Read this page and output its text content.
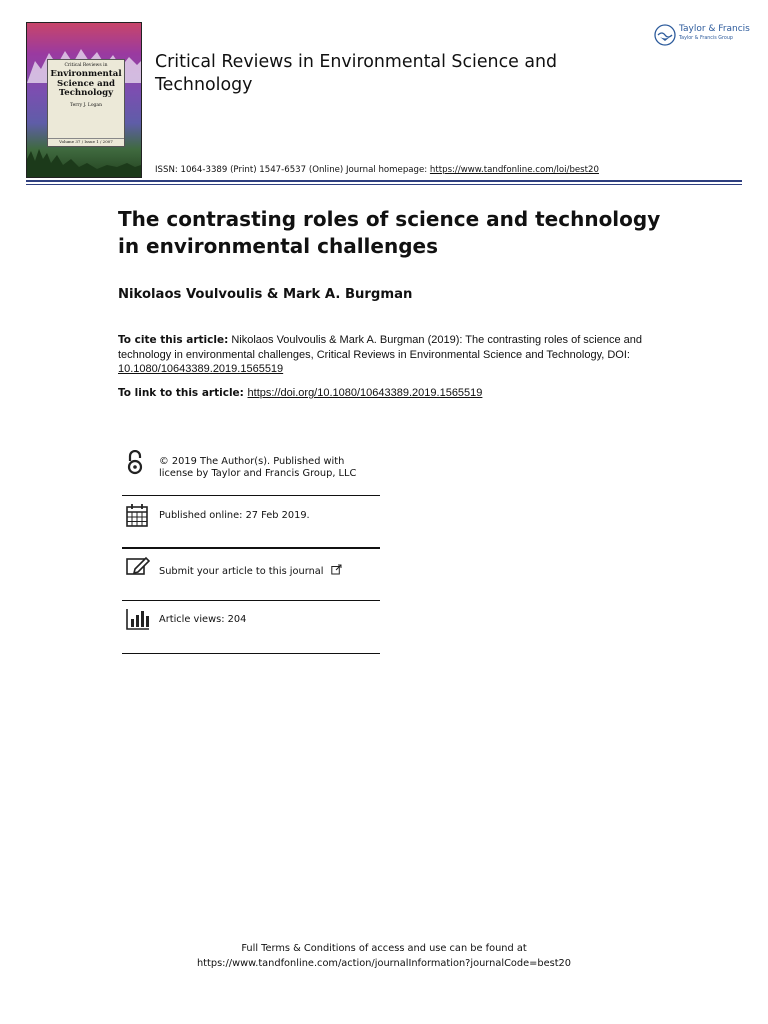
Critical Reviews in
Environmental
Science and
Technology
Terry J. Logan
Volume 37 / Issue 1 / 2007
Critical Reviews in Environmental Science and Technology
Taylor & Francis
Taylor & Francis Group
ISSN: 1064-3389 (Print) 1547-6537 (Online) Journal homepage: https://www.tandfonline.com/loi/best20
The contrasting roles of science and technology in environmental challenges
Nikolaos Voulvoulis & Mark A. Burgman
To cite this article: Nikolaos Voulvoulis & Mark A. Burgman (2019): The contrasting roles of science and technology in environmental challenges, Critical Reviews in Environmental Science and Technology, DOI: 10.1080/10643389.2019.1565519
To link to this article: https://doi.org/10.1080/10643389.2019.1565519
© 2019 The Author(s). Published with
license by Taylor and Francis Group, LLC
Published online: 27 Feb 2019.
Submit your article to this journal
Article views: 204
Full Terms & Conditions of access and use can be found at
https://www.tandfonline.com/action/journalInformation?journalCode=best20
